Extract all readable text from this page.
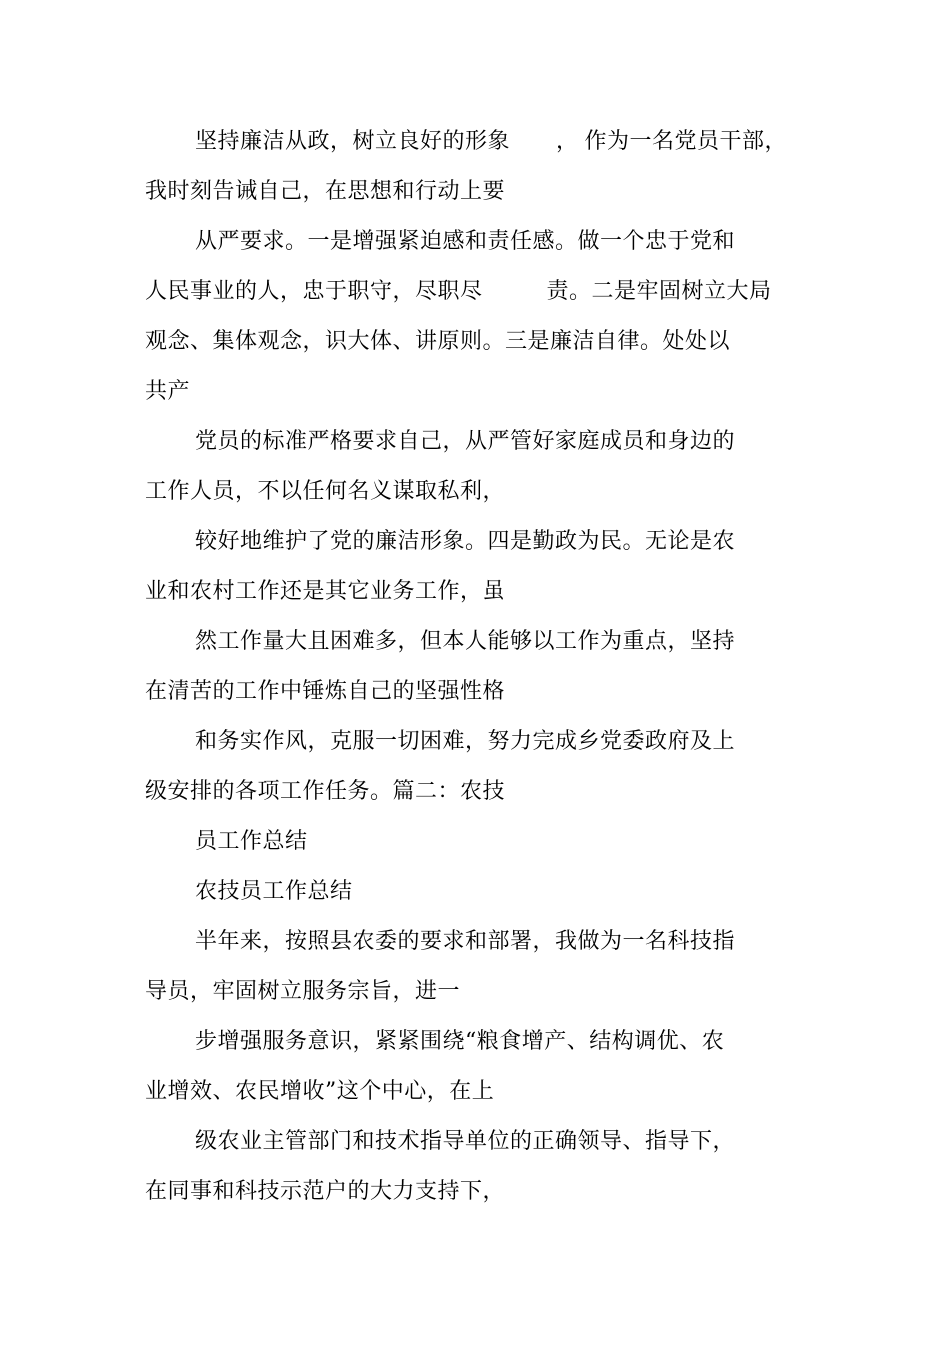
坚持廉洁从政，树立良好的形象 ， 作为一名党员干部，
我时刻告诫自己，在思想和行动上要
从严要求。一是增强紧迫感和责任感。做一个忠于党和
人民事业的人，忠于职守，尽职尽	责。二是牢固树立大局
观念、集体观念，识大体、讲原则。三是廉洁自律。处处以
共产
党员的标准严格要求自己，从严管好家庭成员和身边的
工作人员，不以任何名义谋取私利，
较好地维护了党的廉洁形象。四是勤政为民。无论是农
业和农村工作还是其它业务工作，虽
然工作量大且困难多，但本人能够以工作为重点，坚持
在清苦的工作中锤炼自己的坚强性格
和务实作风，克服一切困难，努力完成乡党委政府及上
级安排的各项工作任务。篇二：农技
员工作总结
农技员工作总结
半年来，按照县农委的要求和部署，我做为一名科技指
导员，牢固树立服务宗旨，进一
步增强服务意识，紧紧围绕“粮食增产、结构调优、农
业增效、农民增收”这个中心，在上
级农业主管部门和技术指导单位的正确领导、指导下，
在同事和科技示范户的大力支持下，
